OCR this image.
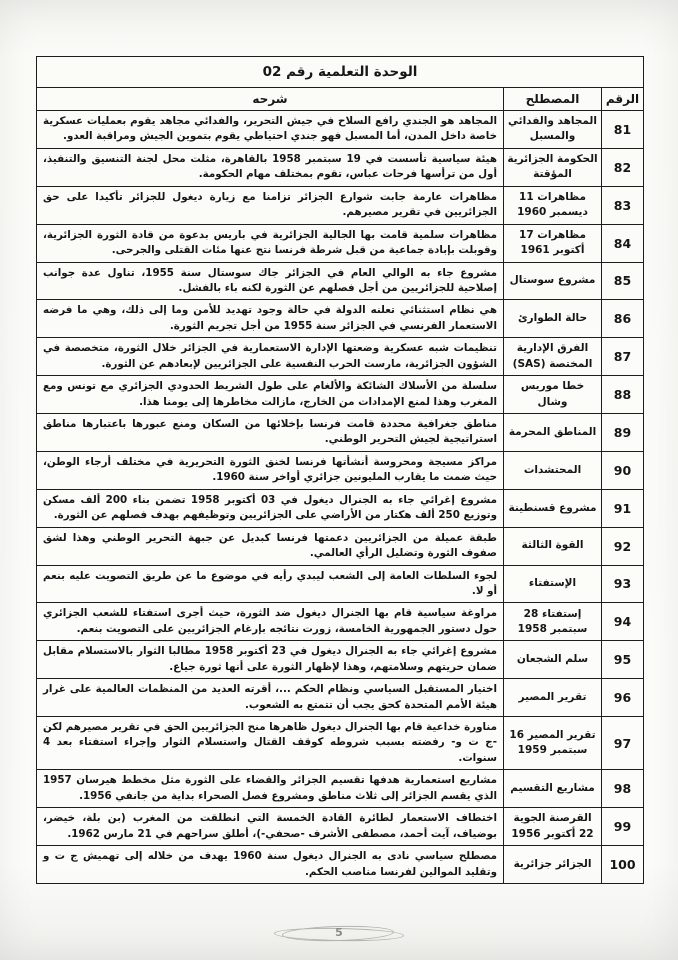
الوحدة التعلمية رقم 02		
الرقم	المصطلح	شرحه
81	المجاهد والفدائي والمسبل	المجاهد هو الجندي رافع السلاح في جيش التحرير، والفدائي مجاهد يقوم بعمليات عسكرية خاصة داخل المدن، أما المسبل فهو جندي احتياطي يقوم بتموين الجيش ومراقبة العدو.
82	الحكومة الجزائرية المؤقتة	هيئة سياسية تأسست في 19 سبتمبر 1958 بالقاهرة، مثلت محل لجنة التنسيق والتنفيذ، أول من ترأسها فرحات عباس، تقوم بمختلف مهام الحكومة.
83	مظاهرات 11 ديسمبر 1960	مظاهرات عارمة جابت شوارع الجزائر تزامنا مع زيارة ديغول للجزائر تأكيدا على حق الجزائريين في تقرير مصيرهم.
84	مظاهرات 17 أكتوبر 1961	مظاهرات سلمية قامت بها الجالية الجزائرية في باريس بدعوة من قادة الثورة الجزائرية، وقوبلت بإبادة جماعية من قبل شرطة فرنسا نتج عنها مئات القتلى والجرحى.
85	مشروع سوستال	مشروع جاء به الوالي العام في الجزائر جاك سوستال سنة 1955، تناول عدة جوانب إصلاحية للجزائريين من أجل فصلهم عن الثورة لكنه باء بالفشل.
86	حالة الطوارئ	هي نظام استثنائي تعلنه الدولة في حالة وجود تهديد للأمن وما إلى ذلك، وهي ما فرضه الاستعمار الفرنسي في الجزائر سنة 1955 من أجل تجريم الثورة.
87	الفرق الإدارية المختصة (SAS)	تنظيمات شبه عسكرية وضعتها الإدارة الاستعمارية في الجزائر خلال الثورة، متخصصة في الشؤون الجزائرية، مارست الحرب النفسية على الجزائريين لإبعادهم عن الثورة.
88	خطا موريس وشال	سلسلة من الأسلاك الشائكة والألغام على طول الشريط الحدودي الجزائري مع تونس ومع المغرب وهذا لمنع الإمدادات من الخارج، مازالت مخاطرها إلى يومنا هذا.
89	المناطق المحرمة	مناطق جغرافية محددة قامت فرنسا بإخلائها من السكان ومنع عبورها باعتبارها مناطق استراتيجية لجيش التحرير الوطني.
90	المحتشدات	مراكز مسيجة ومحروسة أنشأتها فرنسا لخنق الثورة التحريرية في مختلف أرجاء الوطن، حيث ضمت ما يقارب المليونين جزائري أواخر سنة 1960.
91	مشروع قسنطينة	مشروع إغرائي جاء به الجنرال ديغول في 03 أكتوبر 1958 تضمن بناء 200 ألف مسكن وتوزيع 250 ألف هكتار من الأراضي على الجزائريين وتوظيفهم بهدف فصلهم عن الثورة.
92	القوة الثالثة	طبقة عميلة من الجزائريين دعمتها فرنسا كبديل عن جبهة التحرير الوطني وهذا لشق صفوف الثورة وتضليل الرأي العالمي.
93	الإستفتاء	لجوء السلطات العامة إلى الشعب ليبدي رأيه في موضوع ما عن طريق التصويت عليه بنعم أو لا.
94	إستفتاء 28 سبتمبر 1958	مراوغة سياسية قام بها الجنرال ديغول ضد الثورة، حيث أجرى استفتاء للشعب الجزائري حول دستور الجمهورية الخامسة، زورت نتائجه بإرغام الجزائريين على التصويت بنعم.
95	سلم الشجعان	مشروع إغرائي جاء به الجنرال ديغول في 23 أكتوبر 1958 مطالبا الثوار بالاستسلام مقابل ضمان حريتهم وسلامتهم، وهذا لإظهار الثورة على أنها ثورة جياع.
96	تقرير المصير	اختيار المستقبل السياسي ونظام الحكم ...، أقرته العديد من المنظمات العالمية على غرار هيئة الأمم المتحدة كحق يجب أن تتمتع به الشعوب.
97	تقرير المصير 16 سبتمبر 1959	مناورة خداعية قام بها الجنرال ديغول ظاهرها منح الجزائريين الحق في تقرير مصيرهم لكن -ج ت و- رفضته بسبب شروطه كوقف القتال واستسلام الثوار وإجراء استفتاء بعد 4 سنوات.
98	مشاريع التقسيم	مشاريع استعمارية هدفها تقسيم الجزائر والقضاء على الثورة مثل مخطط هيرسان 1957 الذي يقسم الجزائر إلى ثلاث مناطق ومشروع فصل الصحراء بداية من جانفي 1956.
99	القرصنة الجوية 22 أكتوبر 1956	اختطاف الاستعمار لطائرة القادة الخمسة التي انطلقت من المغرب (بن بلة، خيضر، بوضياف، آيت أحمد، مصطفى الأشرف -صحفي-)، أطلق سراحهم في 21 مارس 1962.
100	الجزائر جزائرية	مصطلح سياسي نادى به الجنرال ديغول سنة 1960 يهدف من خلاله إلى تهميش ج ت و وتقليد الموالين لفرنسا مناصب الحكم.
5
